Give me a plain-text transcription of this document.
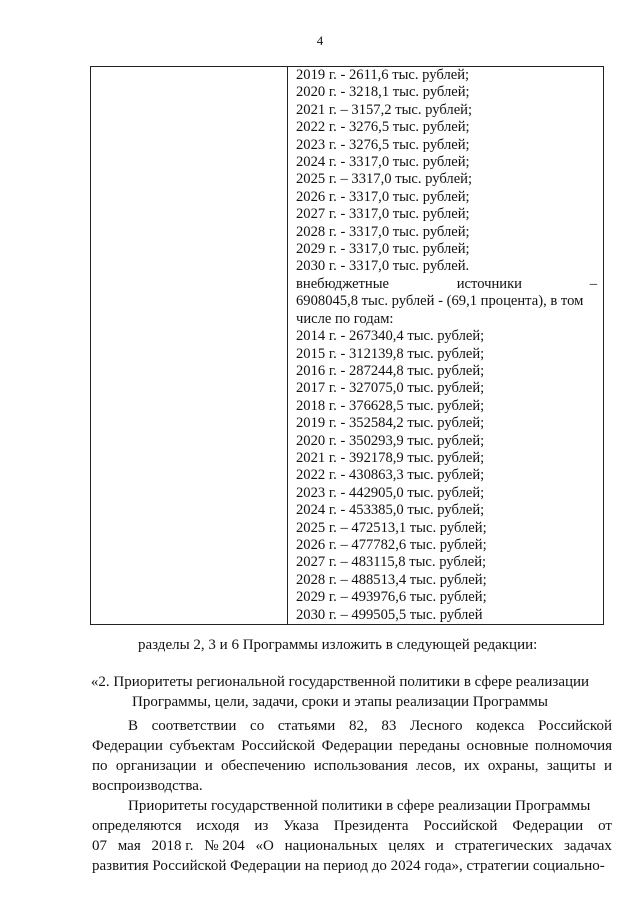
4
2019 г. - 2611,6 тыс. рублей;
2020 г. - 3218,1 тыс. рублей;
2021 г. – 3157,2 тыс. рублей;
2022 г. - 3276,5 тыс. рублей;
2023 г. - 3276,5 тыс. рублей;
2024 г. - 3317,0 тыс. рублей;
2025 г. – 3317,0 тыс. рублей;
2026 г. - 3317,0 тыс. рублей;
2027 г. - 3317,0 тыс. рублей;
2028 г. - 3317,0 тыс. рублей;
2029 г. - 3317,0 тыс. рублей;
2030 г. - 3317,0 тыс. рублей.
внебюджетные	источники	–
6908045,8 тыс. рублей - (69,1 процента), в том
числе по годам:
2014 г. - 267340,4 тыс. рублей;
2015 г. - 312139,8 тыс. рублей;
2016 г. - 287244,8 тыс. рублей;
2017 г. - 327075,0 тыс. рублей;
2018 г. - 376628,5 тыс. рублей;
2019 г. - 352584,2 тыс. рублей;
2020 г. - 350293,9 тыс. рублей;
2021 г. - 392178,9 тыс. рублей;
2022 г. - 430863,3 тыс. рублей;
2023 г. - 442905,0 тыс. рублей;
2024 г. - 453385,0 тыс. рублей;
2025 г. – 472513,1 тыс. рублей;
2026 г. – 477782,6 тыс. рублей;
2027 г. – 483115,8 тыс. рублей;
2028 г. – 488513,4 тыс. рублей;
2029 г. – 493976,6 тыс. рублей;
2030 г. – 499505,5 тыс. рублей
разделы 2, 3 и 6 Программы изложить в следующей редакции:
«2. Приоритеты региональной государственной политики в сфере реализации
Программы, цели, задачи, сроки и этапы реализации Программы
В соответствии со статьями 82, 83 Лесного кодекса Российской
Федерации субъектам Российской Федерации переданы основные полномочия по организации и обеспечению использования лесов, их охраны, защиты и воспроизводства.
Приоритеты государственной политики в сфере реализации Программы
определяются исходя из Указа Президента Российской Федерации от
07 мая 2018 г. № 204 «О национальных целях и стратегических задачах
развития Российской Федерации на период до 2024 года», стратегии социально-
